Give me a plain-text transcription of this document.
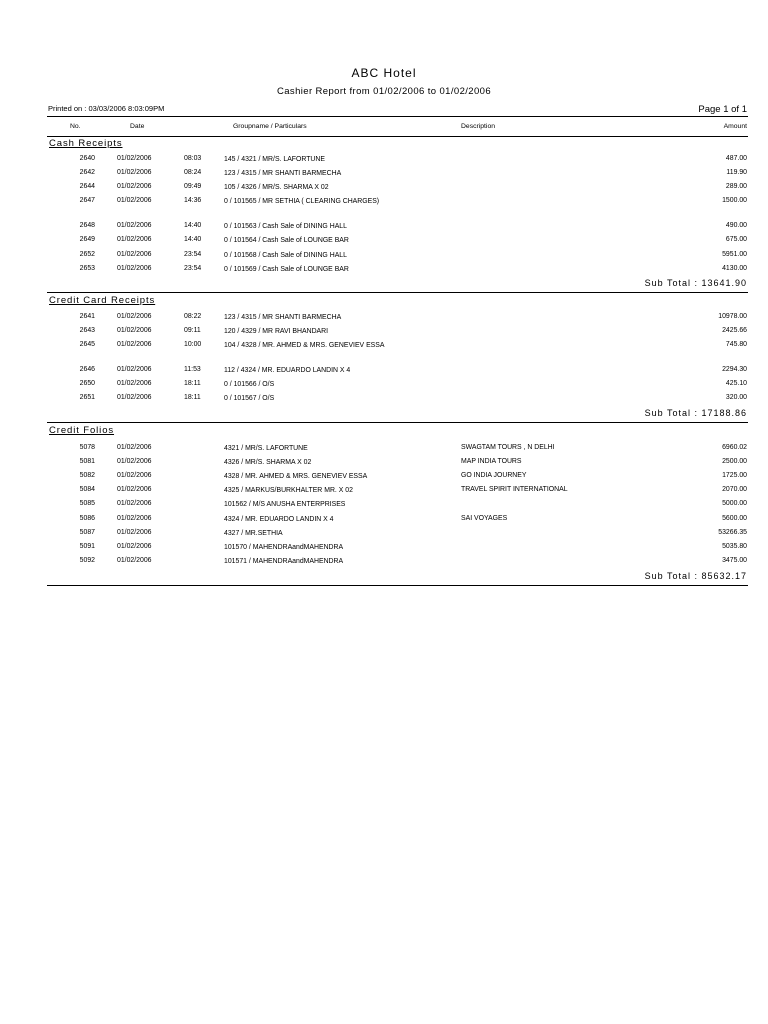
ABC Hotel
Cashier Report from 01/02/2006 to 01/02/2006
Printed on : 03/03/2006 8:03:09PM	Page 1 of 1
No.	Date	Groupname / Particulars	Description	Amount
Cash Receipts
2640	01/02/2006	08:03	145 / 4321 / MR/S. LAFORTUNE	487.00
2642	01/02/2006	08:24	123 / 4315 / MR SHANTI BARMECHA	119.90
2644	01/02/2006	09:49	105 / 4326 / MR/S. SHARMA X 02	289.00
2647	01/02/2006	14:36	0 / 101565 / MR SETHIA ( CLEARING CHARGES)	1500.00
2648	01/02/2006	14:40	0 / 101563 / Cash Sale of DINING HALL	490.00
2649	01/02/2006	14:40	0 / 101564 / Cash Sale of LOUNGE BAR	675.00
2652	01/02/2006	23:54	0 / 101568 / Cash Sale of DINING HALL	5951.00
2653	01/02/2006	23:54	0 / 101569 / Cash Sale of LOUNGE BAR	4130.00
Sub Total : 13641.90
Credit Card Receipts
2641	01/02/2006	08:22	123 / 4315 / MR SHANTI BARMECHA	10978.00
2643	01/02/2006	09:11	120 / 4329 / MR RAVI BHANDARI	2425.66
2645	01/02/2006	10:00	104 / 4328 / MR. AHMED & MRS. GENEVIEV ESSA	745.80
2646	01/02/2006	11:53	112 / 4324 / MR. EDUARDO LANDIN X 4	2294.30
2650	01/02/2006	18:11	0 / 101566 / O/S	425.10
2651	01/02/2006	18:11	0 / 101567 / O/S	320.00
Sub Total : 17188.86
Credit Folios
5078	01/02/2006	4321 / MR/S. LAFORTUNE	SWAGTAM TOURS , N DELHI	6960.02
5081	01/02/2006	4326 / MR/S. SHARMA X 02	MAP INDIA TOURS	2500.00
5082	01/02/2006	4328 / MR. AHMED & MRS. GENEVIEV ESSA	GO INDIA JOURNEY	1725.00
5084	01/02/2006	4325 / MARKUS/BURKHALTER MR. X 02	TRAVEL SPIRIT INTERNATIONAL	2070.00
5085	01/02/2006	101562 / M/S ANUSHA ENTERPRISES	5000.00
5086	01/02/2006	4324 / MR. EDUARDO LANDIN X 4	SAI VOYAGES	5600.00
5087	01/02/2006	4327 / MR.SETHIA	53266.35
5091	01/02/2006	101570 / MAHENDRAandMAHENDRA	5035.80
5092	01/02/2006	101571 / MAHENDRAandMAHENDRA	3475.00
Sub Total : 85632.17
